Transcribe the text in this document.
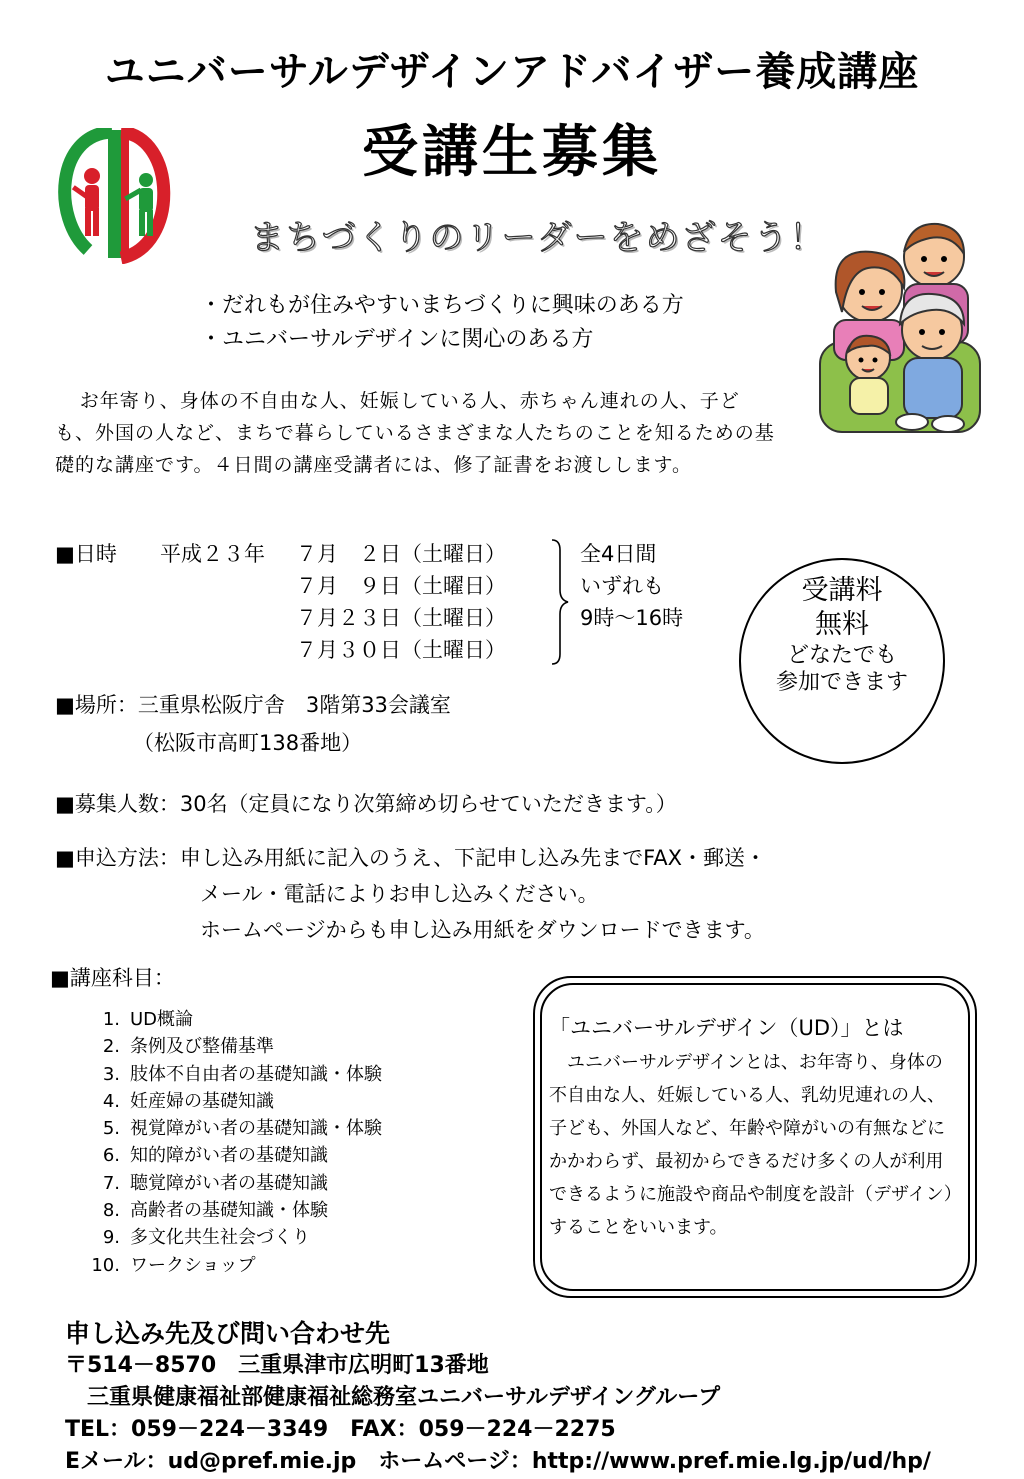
ユニバーサルデザインアドバイザー養成講座
受講生募集
まちづくりのリーダーをめざそう！
・だれもが住みやすいまちづくりに興味のある方
・ユニバーサルデザインに関心のある方

お年寄り、身体の不自由な人、妊娠している人、赤ちゃん連れの人、子ども、外国の人など、まちで暮らしているさまざまな人たちのことを知るための基礎的な講座です。４日間の講座受講者には、修了証書をお渡しします。

■日時 平成２３年 ７月　２日（土曜日）
７月　９日（土曜日）
７月２３日（土曜日）
７月３０日（土曜日）
全4日間
いずれも
9時～16時
受講料
無料
どなたでも
参加できます
■場所：三重県松阪庁舎　3階第33会議室
（松阪市高町138番地）
■募集人数：30名（定員になり次第締め切らせていただきます。）
■申込方法：申し込み用紙に記入のうえ、下記申し込み先までFAX・郵送・
メール・電話によりお申し込みください。
ホームページからも申し込み用紙をダウンロードできます。
■講座科目：
1. UD概論
2. 条例及び整備基準
3. 肢体不自由者の基礎知識・体験
4. 妊産婦の基礎知識
5. 視覚障がい者の基礎知識・体験
6. 知的障がい者の基礎知識
7. 聴覚障がい者の基礎知識
8. 高齢者の基礎知識・体験
9. 多文化共生社会づくり
10. ワークショップ
「ユニバーサルデザイン（UD）」とは

ユニバーサルデザインとは、お年寄り、身体の不自由な人、妊娠している人、乳幼児連れの人、子ども、外国人など、年齢や障がいの有無などにかかわらず、最初からできるだけ多くの人が利用できるように施設や商品や制度を設計（デザイン）することをいいます。

申し込み先及び問い合わせ先
〒514－8570　三重県津市広明町13番地
三重県健康福祉部健康福祉総務室ユニバーサルデザイングループ
TEL：059－224－3349　FAX：059－224－2275
Eメール：ud@pref.mie.jp　ホームページ：http://www.pref.mie.lg.jp/ud/hp/
